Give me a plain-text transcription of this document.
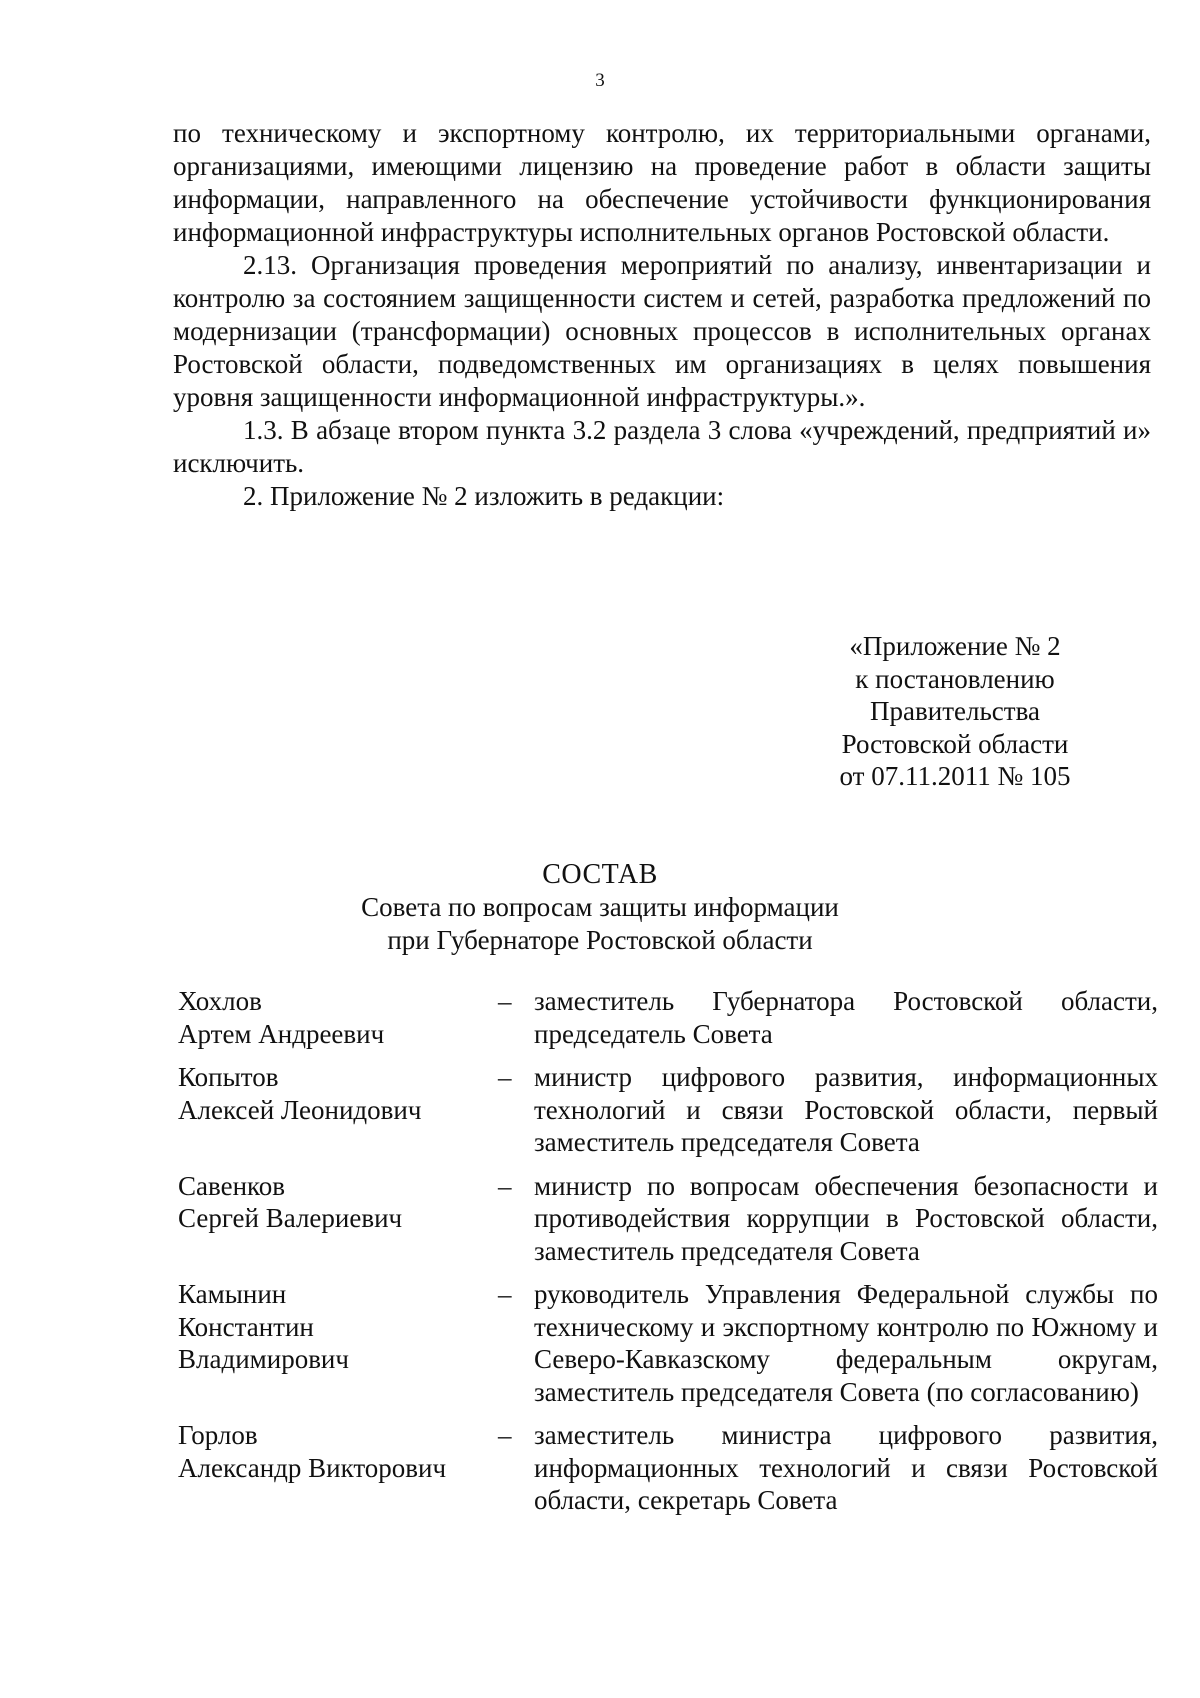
3

по техническому и экспортному контролю, их территориальными органами, организациями, имеющими лицензию на проведение работ в области защиты информации, направленного на обеспечение устойчивости функционирования информационной инфраструктуры исполнительных органов Ростовской области.

2.13. Организация проведения мероприятий по анализу, инвентаризации и контролю за состоянием защищенности систем и сетей, разработка предложений по модернизации (трансформации) основных процессов в исполнительных органах Ростовской области, подведомственных им организациях в целях повышения уровня защищенности информационной инфраструктуры.».

1.3. В абзаце втором пункта 3.2 раздела 3 слова «учреждений, предприятий и» исключить.

2. Приложение № 2 изложить в редакции:

«Приложение № 2
к постановлению
Правительства
Ростовской области
от 07.11.2011 № 105
СОСТАВ
Совета по вопросам защиты информации
при Губернаторе Ростовской области
Хохлов
Артем Андреевич
– заместитель Губернатора Ростовской области, председатель Совета
Копытов
Алексей Леонидович
– министр цифрового развития, информационных технологий и связи Ростовской области, первый заместитель председателя Совета
Савенков
Сергей Валериевич
– министр по вопросам обеспечения безопасности и противодействия коррупции в Ростовской области, заместитель председателя Совета
Камынин
Константин
Владимирович
– руководитель Управления Федеральной службы по техническому и экспортному контролю по Южному и Северо-Кавказскому федеральным округам, заместитель председателя Совета (по согласованию)
Горлов
Александр Викторович
– заместитель министра цифрового развития, информационных технологий и связи Ростовской области, секретарь Совета
